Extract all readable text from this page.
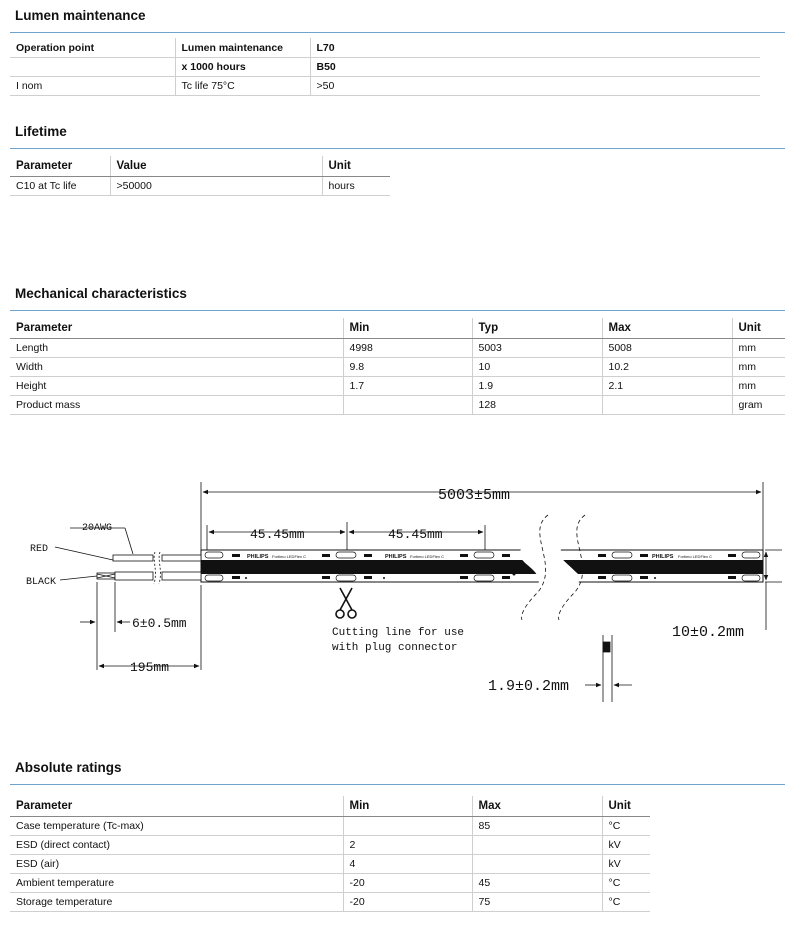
Lumen maintenance
Operation point	Lumen maintenance	L70
	x 1000 hours	B50
I nom	Tc life 75°C	>50
Lifetime
Parameter	Value	Unit
C10 at Tc life	>50000	hours
Mechanical characteristics
Parameter	Min	Typ	Max	Unit
Length	4998	5003	5008	mm
Width	9.8	10	10.2	mm
Height	1.7	1.9	2.1	mm
Product mass		128		gram
PHILIPS	PHILIPS	PHILIPS
Fortimo LEDFlex C	Fortimo LEDFlex C	Fortimo LEDFlex C
5003±5mm
45.45mm	45.45mm
20AWG
RED
BLACK
6±0.5mm
195mm
Cutting line for use
with plug connector
10±0.2mm
1.9±0.2mm
Absolute ratings
Parameter	Min	Max	Unit
Case temperature (Tc-max)		85	°C
ESD (direct contact)	2		kV
ESD (air)	4		kV
Ambient temperature	-20	45	°C
Storage temperature	-20	75	°C
